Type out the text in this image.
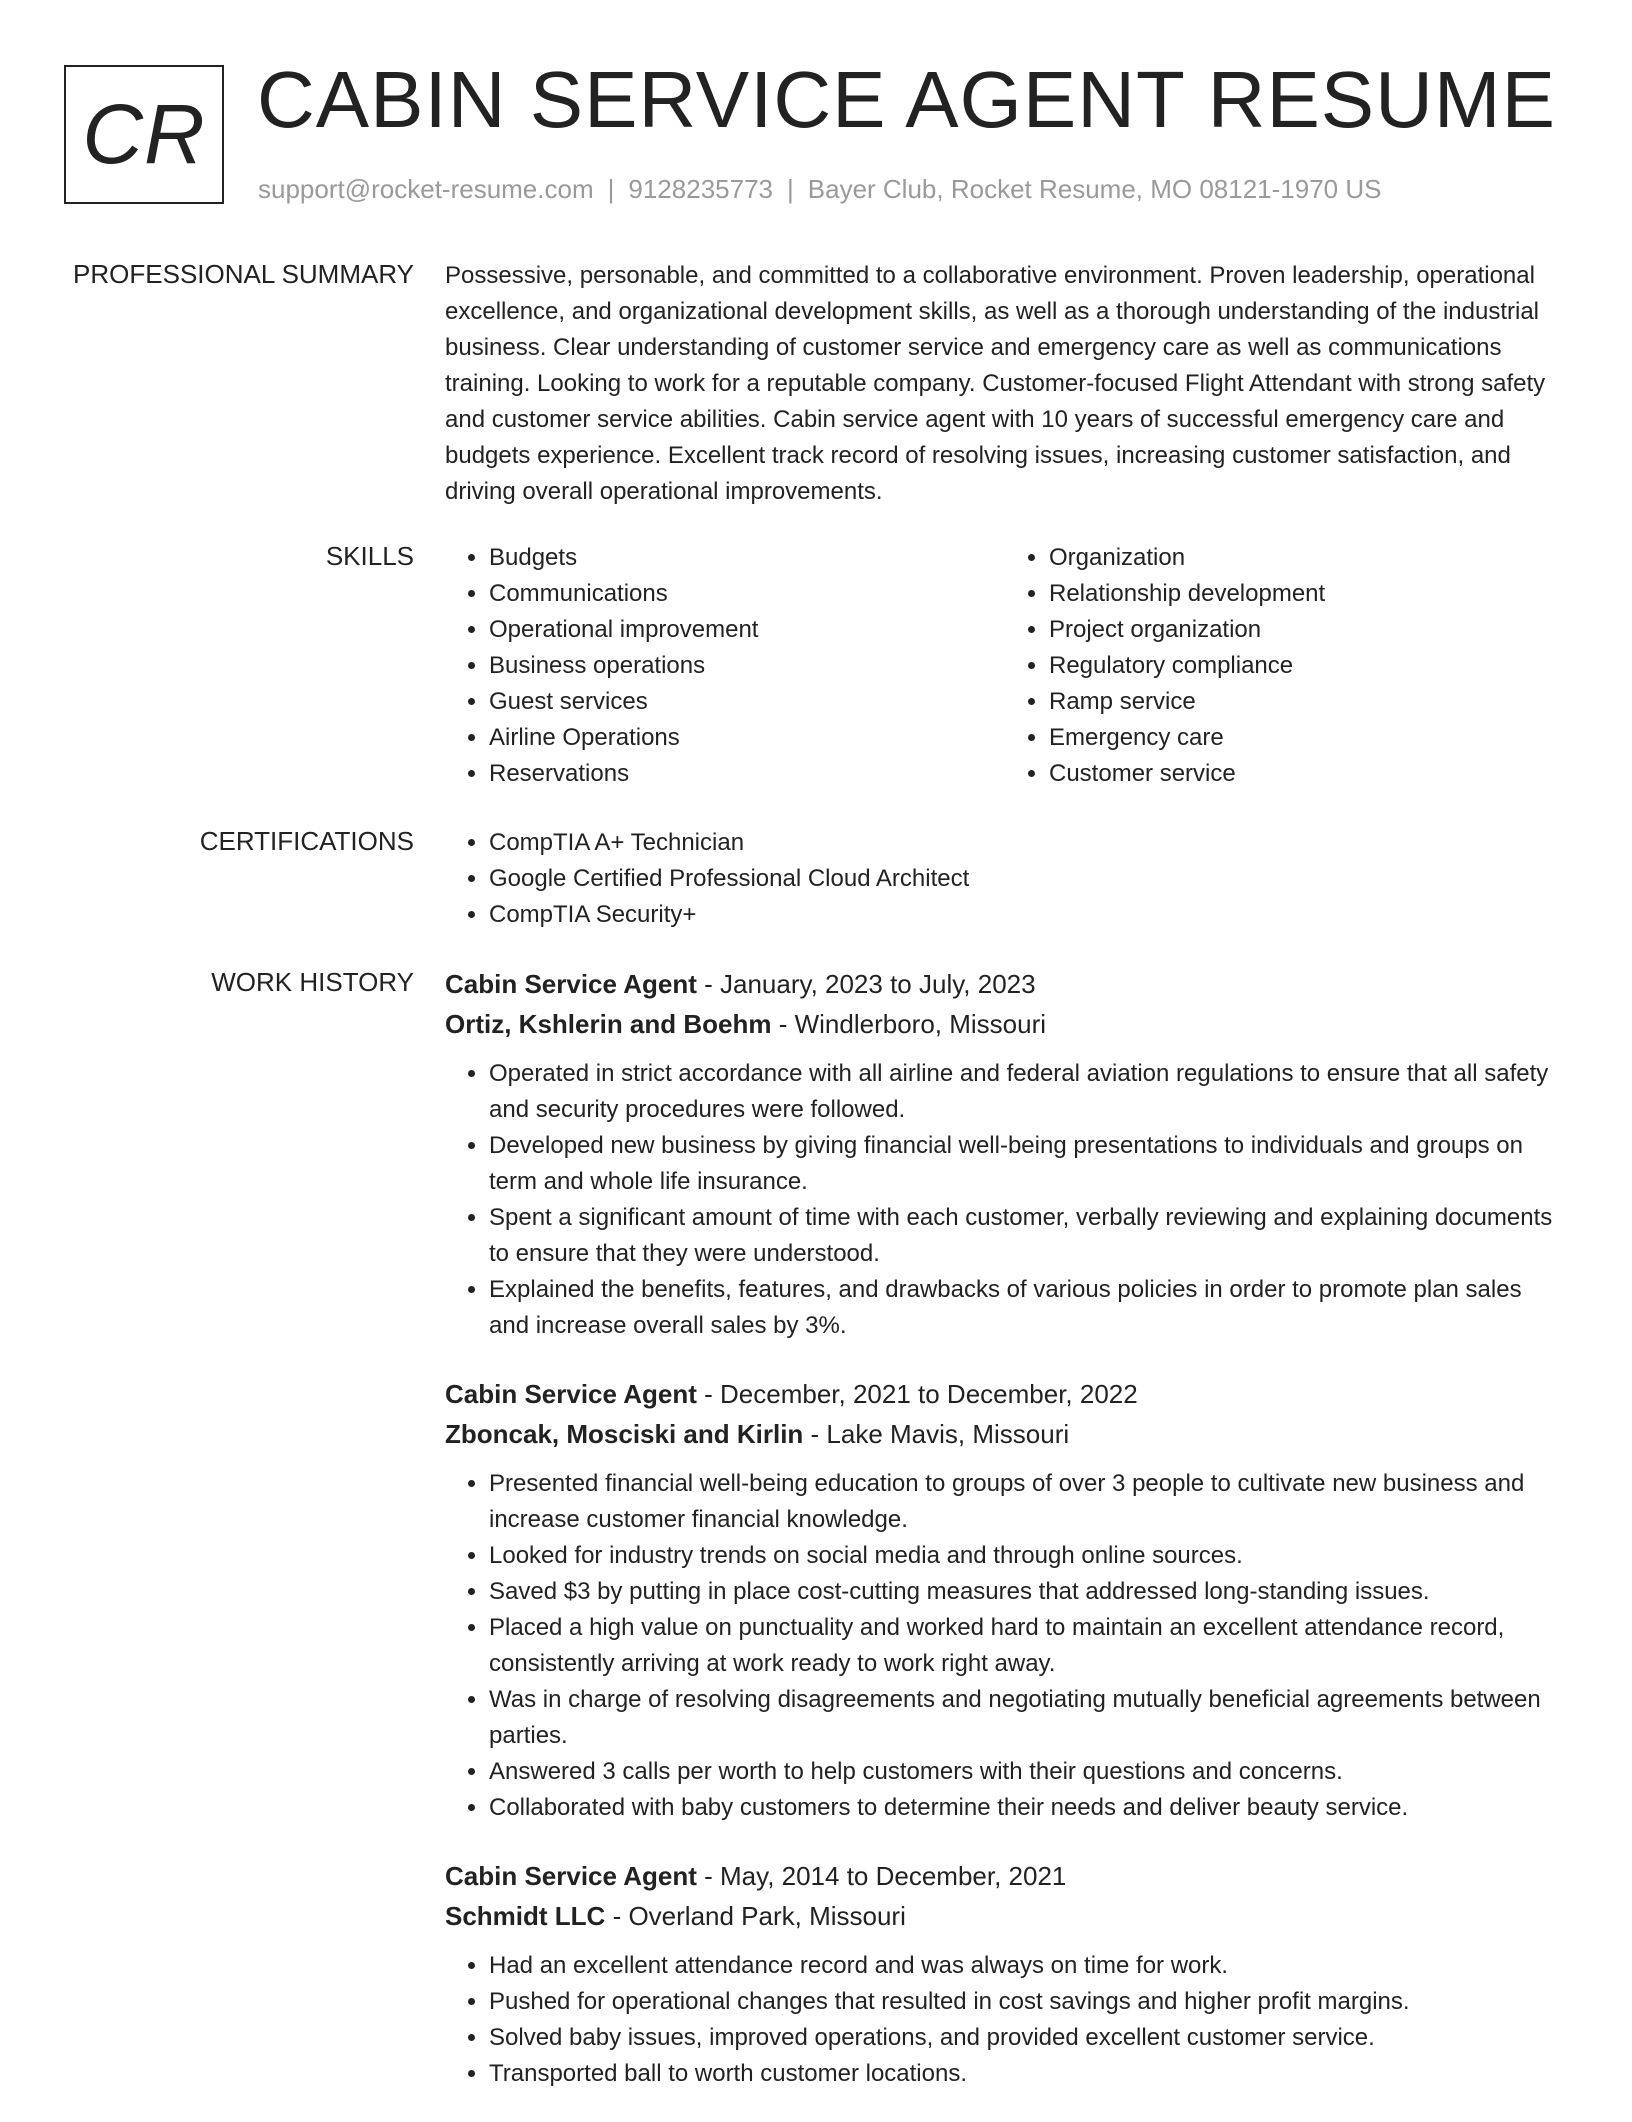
CR CABIN SERVICE AGENT RESUME
support@rocket-resume.com | 9128235773 | Bayer Club, Rocket Resume, MO 08121-1970 US
PROFESSIONAL SUMMARY Possessive, personable, and committed to a collaborative environment. Proven leadership, operational excellence, and organizational development skills, as well as a thorough understanding of the industrial business. Clear understanding of customer service and emergency care as well as communications training. Looking to work for a reputable company. Customer-focused Flight Attendant with strong safety and customer service abilities. Cabin service agent with 10 years of successful emergency care and budgets experience. Excellent track record of resolving issues, increasing customer satisfaction, and driving overall operational improvements.

SKILLS	• Budgets
• Communications
• Operational improvement
• Business operations
• Guest services
• Airline Operations
• Reservations
• Organization
• Relationship development
• Project organization
• Regulatory compliance
• Ramp service
• Emergency care
• Customer service
CERTIFICATIONS	• CompTIA A+ Technician
• Google Certified Professional Cloud Architect
• CompTIA Security+
WORK HISTORY Cabin Service Agent - January, 2023 to July, 2023

Ortiz, Kshlerin and Boehm - Windlerboro, Missouri

• Operated in strict accordance with all airline and federal aviation regulations to ensure that all safety and security procedures were followed.
• Developed new business by giving financial well-being presentations to individuals and groups on term and whole life insurance.
• Spent a significant amount of time with each customer, verbally reviewing and explaining documents to ensure that they were understood.
• Explained the benefits, features, and drawbacks of various policies in order to promote plan sales and increase overall sales by 3%.

Cabin Service Agent - December, 2021 to December, 2022

Zboncak, Mosciski and Kirlin - Lake Mavis, Missouri

• Presented financial well-being education to groups of over 3 people to cultivate new business and increase customer financial knowledge.
• Looked for industry trends on social media and through online sources.
• Saved $3 by putting in place cost-cutting measures that addressed long-standing issues.
• Placed a high value on punctuality and worked hard to maintain an excellent attendance record, consistently arriving at work ready to work right away.
• Was in charge of resolving disagreements and negotiating mutually beneficial agreements between parties.
• Answered 3 calls per worth to help customers with their questions and concerns.
• Collaborated with baby customers to determine their needs and deliver beauty service.

Cabin Service Agent - May, 2014 to December, 2021

Schmidt LLC - Overland Park, Missouri

• Had an excellent attendance record and was always on time for work.
• Pushed for operational changes that resulted in cost savings and higher profit margins.
• Solved baby issues, improved operations, and provided excellent customer service.
• Transported ball to worth customer locations.
